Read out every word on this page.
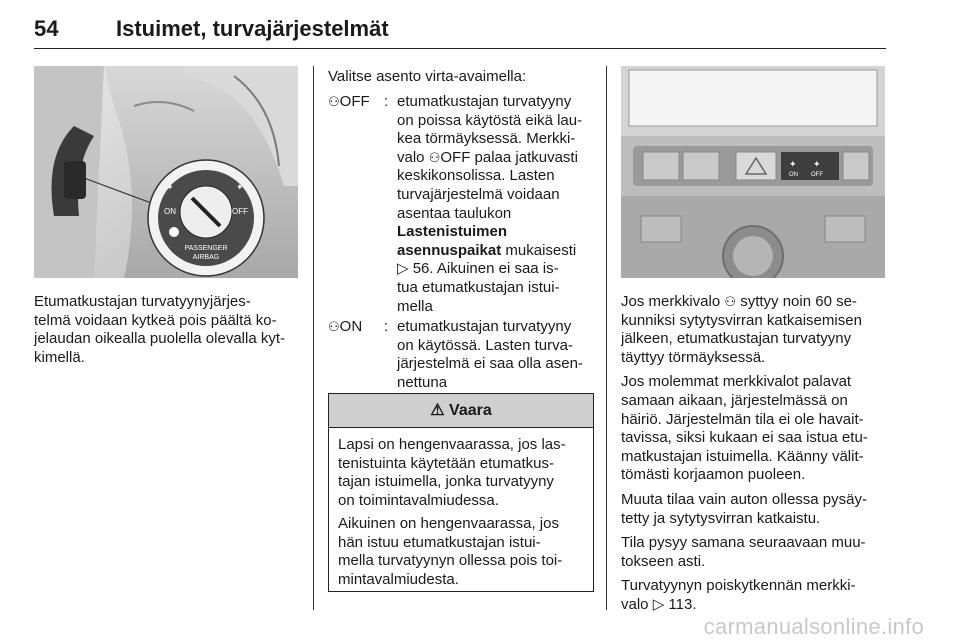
54	Istuimet, turvajärjestelmät
✦
ON
✦
OFF
PASSENGER
AIRBAG
Etumatkustajan turvatyynyjärjes-
telmä voidaan kytkeä pois päältä ko-
jelaudan oikealla puolella olevalla kyt-
kimellä.
Valitse asento virta-avaimella:
⚇OFF : etumatkustajan turvatyyny
on poissa käytöstä eikä lau-
kea törmäyksessä. Merkki-
valo ⚇OFF palaa jatkuvasti
keskikonsolissa. Lasten
turvajärjestelmä voidaan
asentaa taulukon
Lastenistuimen
asennuspaikat mukaisesti
▷ 56. Aikuinen ei saa is-
tua etumatkustajan istui-
mella
⚇ON : etumatkustajan turvatyyny
on käytössä. Lasten turva-
järjestelmä ei saa olla asen-
nettuna
⚠ Vaara
Lapsi on hengenvaarassa, jos las-
tenistuinta käytetään etumatkus-
tajan istuimella, jonka turvatyyny
on toimintavalmiudessa.
Aikuinen on hengenvaarassa, jos
hän istuu etumatkustajan istui-
mella turvatyynyn ollessa pois toi-
mintavalmiudesta.
ON OFF
✦ ✦
Jos merkkivalo ⚇ syttyy noin 60 se-
kunniksi sytytysvirran katkaisemisen
jälkeen, etumatkustajan turvatyyny
täyttyy törmäyksessä.
Jos molemmat merkkivalot palavat
samaan aikaan, järjestelmässä on
häiriö. Järjestelmän tila ei ole havait-
tavissa, siksi kukaan ei saa istua etu-
matkustajan istuimella. Käänny välit-
tömästi korjaamon puoleen.
Muuta tilaa vain auton ollessa pysäy-
tetty ja sytytysvirran katkaistu.
Tila pysyy samana seuraavaan muu-
tokseen asti.
Turvatyynyn poiskytkennän merkki-
valo ▷ 113.
carmanualsonline.info
